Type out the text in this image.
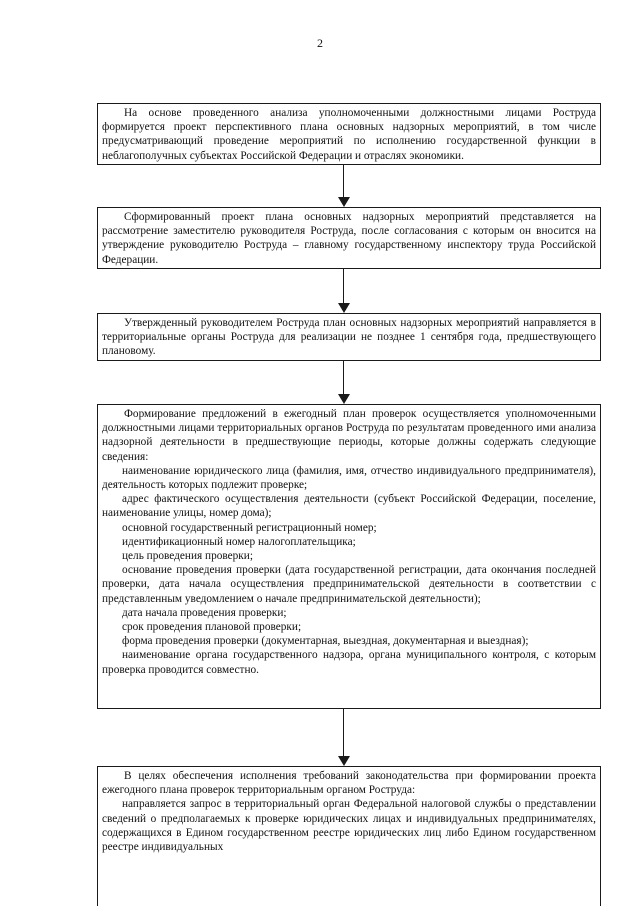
2

На основе проведенного анализа уполномоченными должностными лицами Роструда формируется проект перспективного плана основных надзорных мероприятий, в том числе предусматривающий проведение мероприятий по исполнению государственной функции в неблагополучных субъектах Российской Федерации и отраслях экономики.

Сформированный проект плана основных надзорных мероприятий представляется на рассмотрение заместителю руководителя Роструда, после согласования с которым он вносится на утверждение руководителю Роструда – главному государственному инспектору труда Российской Федерации.

Утвержденный руководителем Роструда план основных надзорных мероприятий направляется в территориальные органы Роструда для реализации не позднее 1 сентября года, предшествующего плановому.

Формирование предложений в ежегодный план проверок осуществляется уполномоченными должностными лицами территориальных органов Роструда по результатам проведенного ими анализа надзорной деятельности в предшествующие периоды, которые должны содержать следующие сведения:

наименование юридического лица (фамилия, имя, отчество индивидуального предпринимателя), деятельность которых подлежит проверке;

адрес фактического осуществления деятельности (субъект Российской Федерации, поселение, наименование улицы, номер дома);

основной государственный регистрационный номер;

идентификационный номер налогоплательщика;

цель проведения проверки;

основание проведения проверки (дата государственной регистрации, дата окончания последней проверки, дата начала осуществления предпринимательской деятельности в соответствии с представленным уведомлением о начале предпринимательской деятельности);

дата начала проведения проверки;

срок проведения плановой проверки;

форма проведения проверки (документарная, выездная, документарная и выездная);

наименование органа государственного надзора, органа муниципального контроля, с которым проверка проводится совместно.

В целях обеспечения исполнения требований законодательства при формировании проекта ежегодного плана проверок территориальным органом Роструда:

направляется запрос в территориальный орган Федеральной налоговой службы о представлении сведений о предполагаемых к проверке юридических лицах и индивидуальных предпринимателях, содержащихся в Едином государственном реестре юридических лиц либо Едином государственном реестре индивидуальных
